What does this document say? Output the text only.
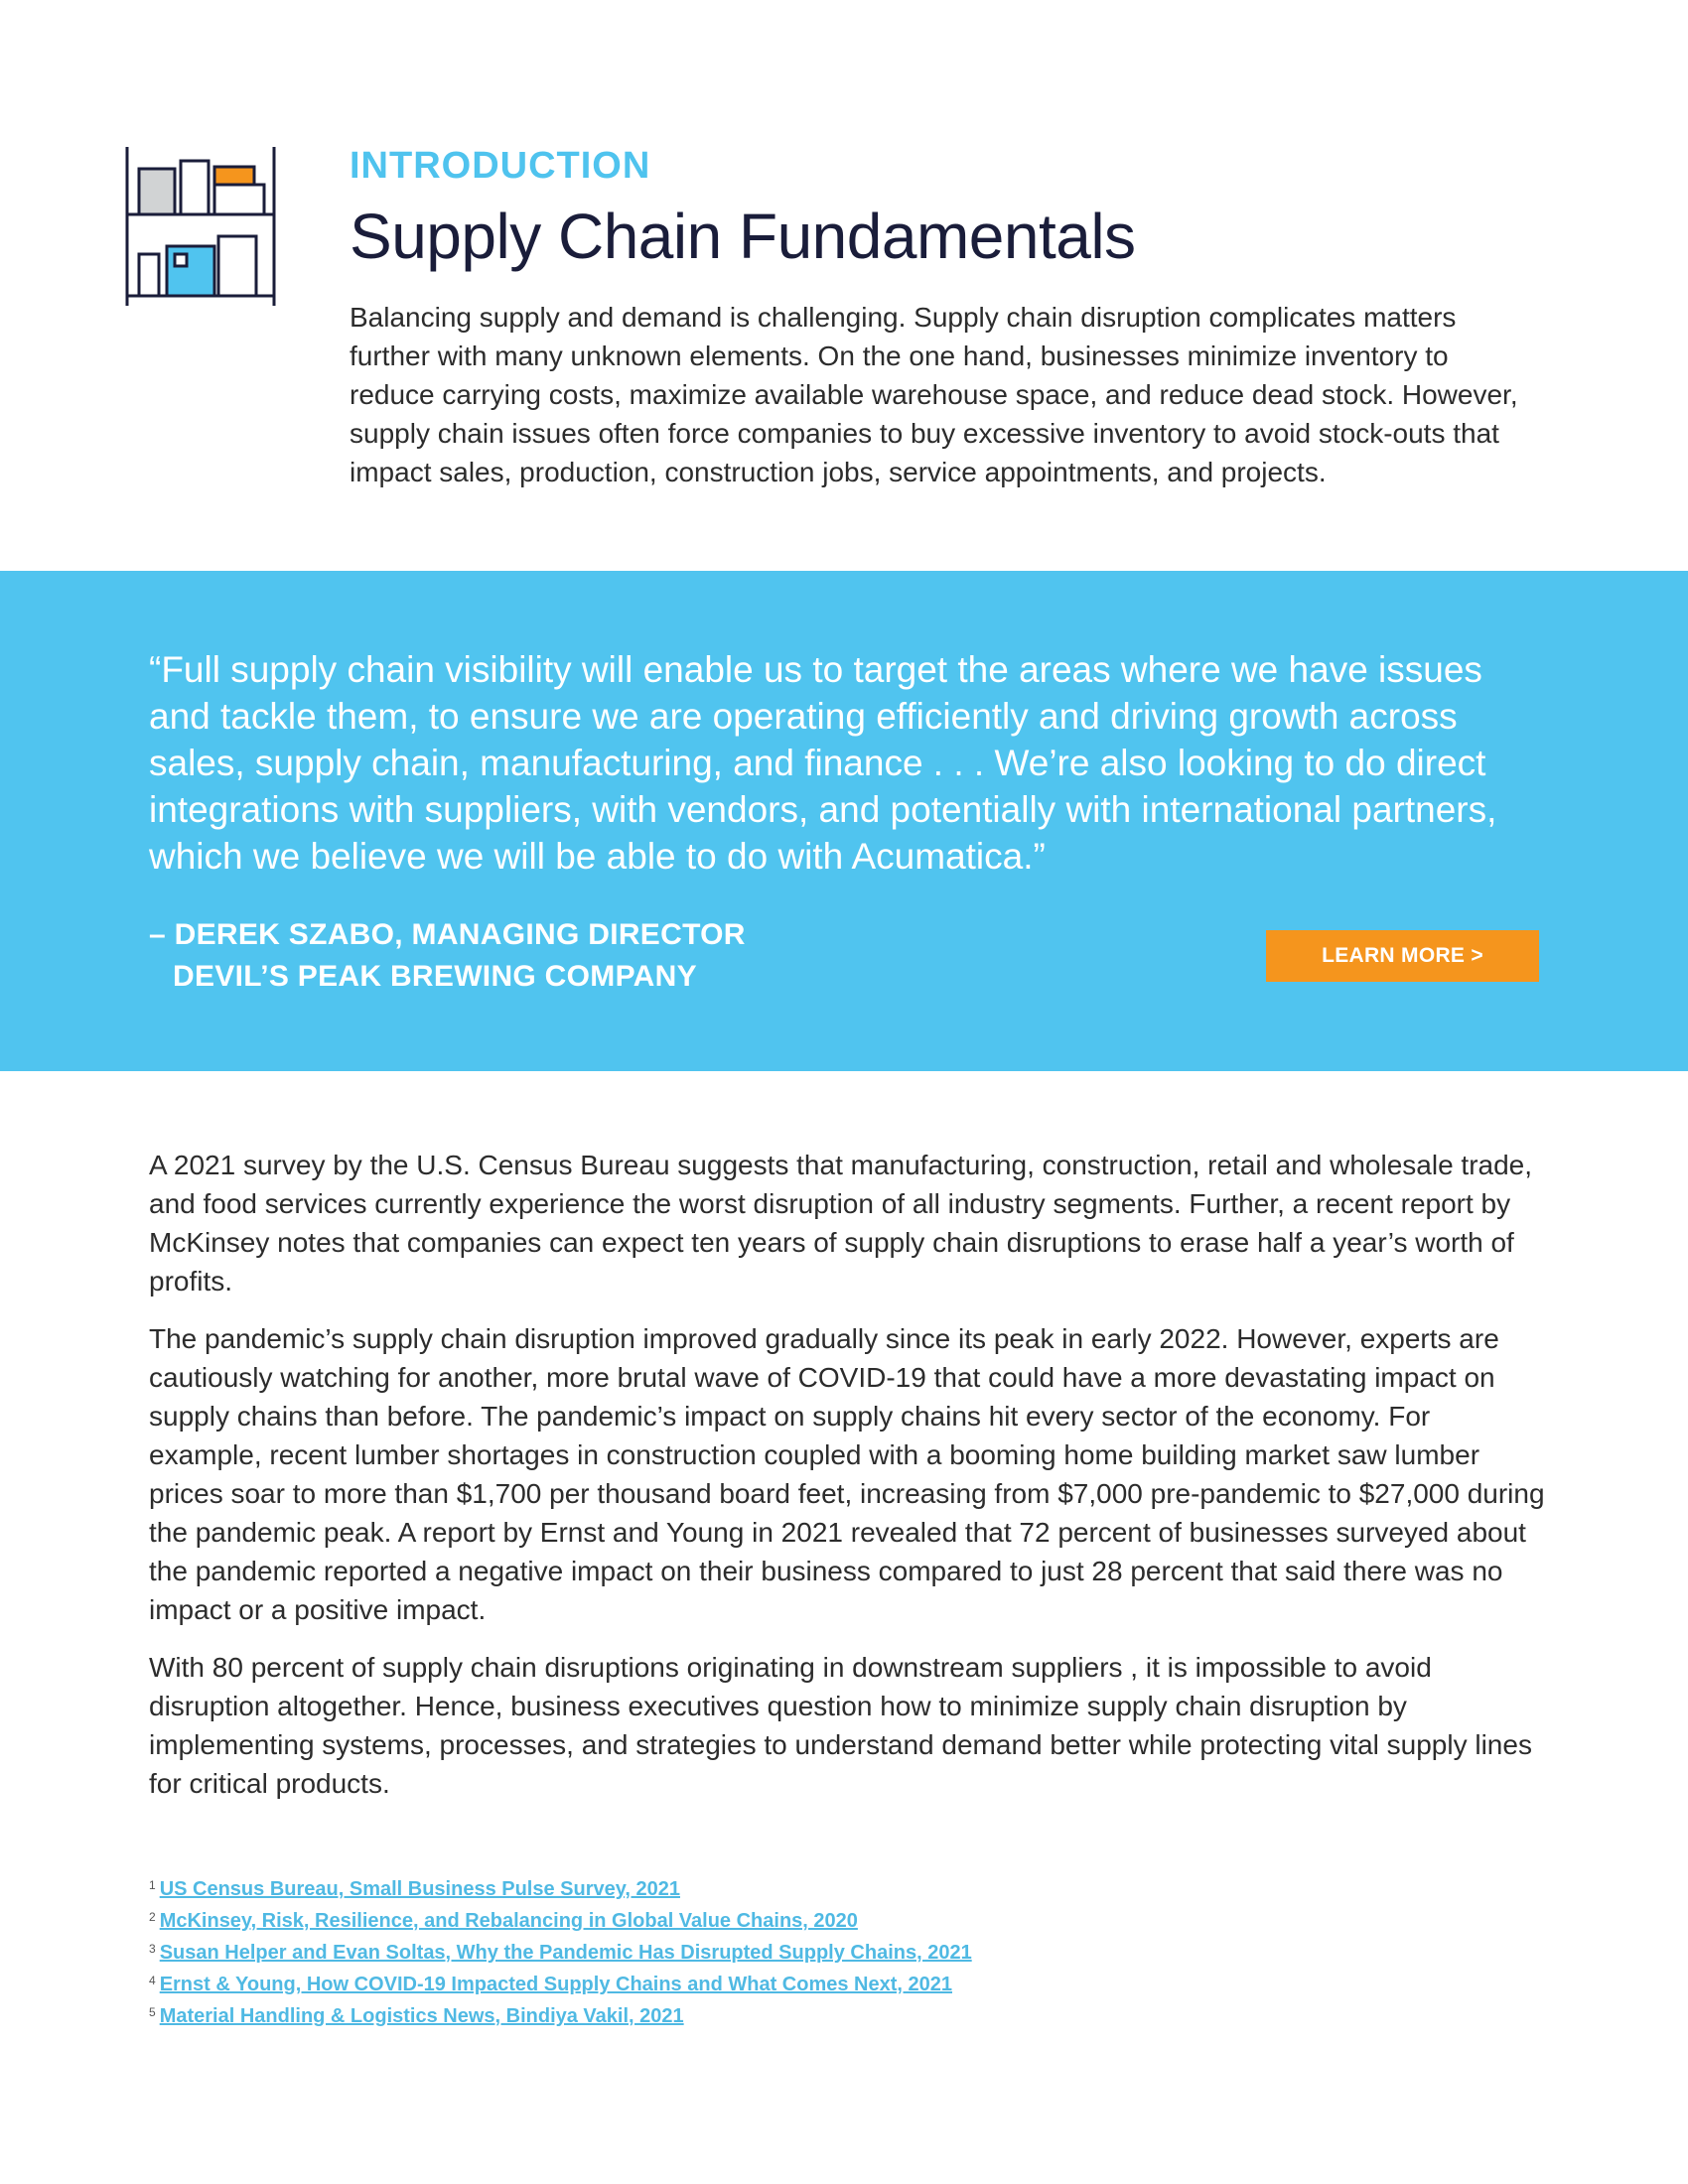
INTRODUCTION
Supply Chain Fundamentals

Balancing supply and demand is challenging. Supply chain disruption complicates matters further with many unknown elements. On the one hand, businesses minimize inventory to reduce carrying costs, maximize available warehouse space, and reduce dead stock. However, supply chain issues often force companies to buy excessive inventory to avoid stock-outs that impact sales, production, construction jobs, service appointments, and projects.

“Full supply chain visibility will enable us to target the areas where we have issues and tackle them, to ensure we are operating efficiently and driving growth across sales, supply chain, manufacturing, and finance . . . We’re also looking to do direct integrations with suppliers, with vendors, and potentially with international partners, which we believe we will be able to do with Acumatica.”

– DEREK SZABO, MANAGING DIRECTOR
DEVIL’S PEAK BREWING COMPANY
LEARN MORE >

A 2021 survey by the U.S. Census Bureau suggests that manufacturing, construction, retail and wholesale trade, and food services currently experience the worst disruption of all industry segments. Further, a recent report by McKinsey notes that companies can expect ten years of supply chain disruptions to erase half a year’s worth of profits.

The pandemic’s supply chain disruption improved gradually since its peak in early 2022. However, experts are cautiously watching for another, more brutal wave of COVID-19 that could have a more devastating impact on supply chains than before. The pandemic’s impact on supply chains hit every sector of the economy. For example, recent lumber shortages in construction coupled with a booming home building market saw lumber prices soar to more than $1,700 per thousand board feet, increasing from $7,000 pre-pandemic to $27,000 during the pandemic peak. A report by Ernst and Young in 2021 revealed that 72 percent of businesses surveyed about the pandemic reported a negative impact on their business compared to just 28 percent that said there was no impact or a positive impact.

With 80 percent of supply chain disruptions originating in downstream suppliers , it is impossible to avoid disruption altogether. Hence, business executives question how to minimize supply chain disruption by implementing systems, processes, and strategies to understand demand better while protecting vital supply lines for critical products.

$^1$ US Census Bureau, Small Business Pulse Survey, 2021
$^2$ McKinsey, Risk, Resilience, and Rebalancing in Global Value Chains, 2020
$^3$ Susan Helper and Evan Soltas, Why the Pandemic Has Disrupted Supply Chains, 2021
$^4$ Ernst & Young, How COVID-19 Impacted Supply Chains and What Comes Next, 2021
$^5$ Material Handling & Logistics News, Bindiya Vakil, 2021
